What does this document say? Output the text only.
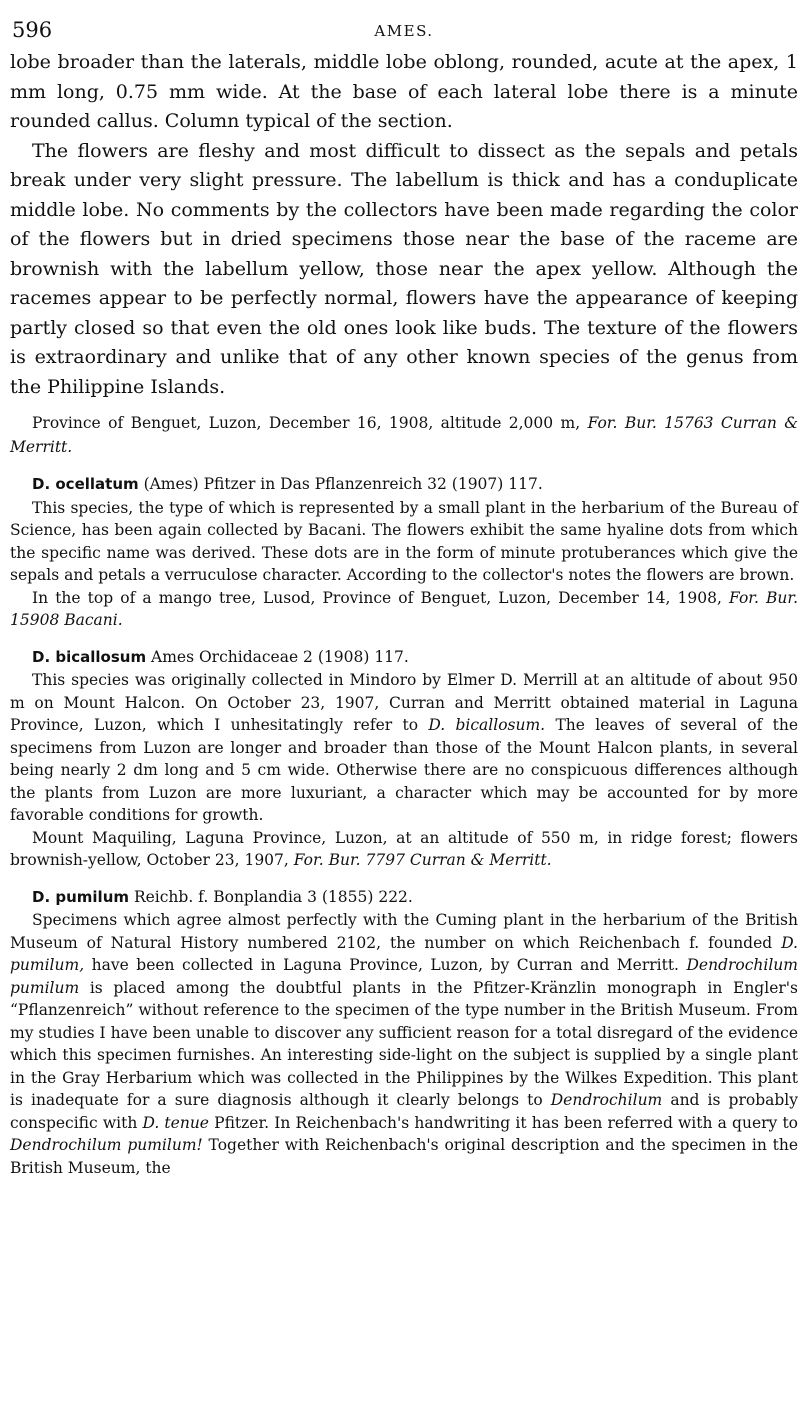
596	AMES.

lobe broader than the laterals, middle lobe oblong, rounded, acute at the apex, 1 mm long, 0.75 mm wide. At the base of each lateral lobe there is a minute rounded callus. Column typical of the section.

The flowers are fleshy and most difficult to dissect as the sepals and petals break under very slight pressure. The labellum is thick and has a conduplicate middle lobe. No comments by the collectors have been made regarding the color of the flowers but in dried specimens those near the base of the raceme are brownish with the labellum yellow, those near the apex yellow. Although the racemes appear to be perfectly normal, flowers have the appearance of keeping partly closed so that even the old ones look like buds. The texture of the flowers is extraordinary and unlike that of any other known species of the genus from the Philippine Islands.

Province of Benguet, Luzon, December 16, 1908, altitude 2,000 m, For. Bur. 15763 Curran & Merritt.

D. ocellatum (Ames) Pfitzer in Das Pflanzenreich 32 (1907) 117.

This species, the type of which is represented by a small plant in the herbarium of the Bureau of Science, has been again collected by Bacani. The flowers exhibit the same hyaline dots from which the specific name was derived. These dots are in the form of minute protuberances which give the sepals and petals a verruculose character. According to the collector's notes the flowers are brown.

In the top of a mango tree, Lusod, Province of Benguet, Luzon, December 14, 1908, For. Bur. 15908 Bacani.

D. bicallosum Ames Orchidaceae 2 (1908) 117.

This species was originally collected in Mindoro by Elmer D. Merrill at an altitude of about 950 m on Mount Halcon. On October 23, 1907, Curran and Merritt obtained material in Laguna Province, Luzon, which I unhesitatingly refer to D. bicallosum. The leaves of several of the specimens from Luzon are longer and broader than those of the Mount Halcon plants, in several being nearly 2 dm long and 5 cm wide. Otherwise there are no conspicuous differences although the plants from Luzon are more luxuriant, a character which may be accounted for by more favorable conditions for growth.

Mount Maquiling, Laguna Province, Luzon, at an altitude of 550 m, in ridge forest; flowers brownish-yellow, October 23, 1907, For. Bur. 7797 Curran & Merritt.

D. pumilum Reichb. f. Bonplandia 3 (1855) 222.

Specimens which agree almost perfectly with the Cuming plant in the herbarium of the British Museum of Natural History numbered 2102, the number on which Reichenbach f. founded D. pumilum, have been collected in Laguna Province, Luzon, by Curran and Merritt. Dendrochilum pumilum is placed among the doubtful plants in the Pfitzer-Kränzlin monograph in Engler's “Pflanzenreich” without reference to the specimen of the type number in the British Museum. From my studies I have been unable to discover any sufficient reason for a total disregard of the evidence which this specimen furnishes. An interesting side-light on the subject is supplied by a single plant in the Gray Herbarium which was collected in the Philippines by the Wilkes Expedition. This plant is inadequate for a sure diagnosis although it clearly belongs to Dendrochilum and is probably conspecific with D. tenue Pfitzer. In Reichenbach's handwriting it has been referred with a query to Dendrochilum pumilum! Together with Reichenbach's original description and the specimen in the British Museum, the
